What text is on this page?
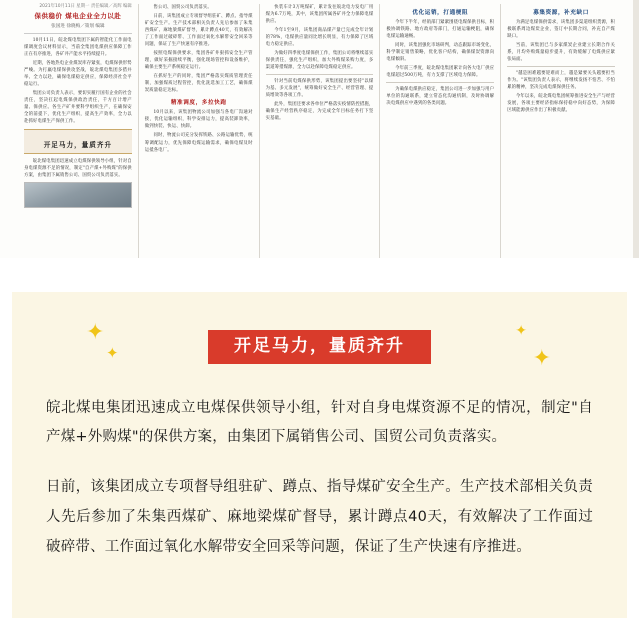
2021年10月11日 星期一 责任编辑／高辉 编辑
保供稳价 煤电企业全力以赴
张国进 徐晓梅／策划 编辑

10月11日，皖北煤电集团下属的智能化工作面电煤调度会议材料显示，当前全集团电煤供应保障工作正在有序推进，各矿井产能水平持续提升。

近期，各地热电企业煤炭库存紧张，电煤保供形势严峻。为打赢电煤保供攻坚战，皖北煤电集团多措并举、全力以赴，确保电煤稳定供应，保障经济社会平稳运行。

集团公司负责人表示，要切实履行国有企业的社会责任，坚决扛起电煤保供政治责任，千方百计增产量、保供应。各生产矿井要科学组织生产，在确保安全的前提下，优化生产组织，提高生产效率，全力以赴抓好电煤生产保供工作。

开足马力，量质齐升

皖北煤电集团迅速成立电煤保供领导小组，针对自身电煤资源不足的情况，制定"自产煤+外购煤"的保供方案，由集团下属销售公司、国贸公司负责落实。

售公司、国贸公司负责落实。

日前，该集团成立专项督导组驻矿、蹲点、指导煤矿安全生产。生产技术部相关负责人先后参加了朱集西煤矿、麻地梁煤矿督导，累计蹲点40天，有效解决了工作面过破碎带、工作面过氧化水解带安全回采等问题，保证了生产快速有序推进。

按照电煤保供要求，集团各矿井狠抓安全生产管理，做好采掘接续平衡，强化现场管控和设备维护，确保主要生产系统稳定运行。

在抓好生产的同时，集团严格落实煤质管理责任制，加强煤质过程管控，优化洗选加工工艺，确保煤炭质量稳定达标。

精准调度，多拉快跑

10月以来，该集团物流公司加强与各电厂沟通对接，优化运输组织，科学安排运力，提高装卸效率，做到快装、快运、快卸。

同时，物流公司充分发挥铁路、公路运输优势，统筹调配运力，优先保障电煤运输需求，确保电煤及时运抵各电厂。

快装车计3万吨煤矿，累计发往皖北电力发电厂用煤为6.7万吨，其中，该集团所属各矿井全力保障电煤供应。

今年1至9月，该集团商品煤产量已完成全年计划的78%，电煤供应量同比增长明显，有力保障了区域电力稳定供应。

为做好四季度电煤保供工作，集团公司将继续落实保供责任，强化生产组织，加大外购煤采购力度，多渠道筹措煤源，全力以赴保障电煤稳定供应。

针对当前电煤保供形势，该集团提出要坚持"以煤为基、多元发展"，统筹做好安全生产、经营管理、提质增效等各项工作。

此外，集团还要求各单位严格落实疫情防控措施，确保生产经营秩序稳定，为完成全年目标任务打下坚实基础。

优化运销，打通梗阻

今年下半年，经销部门紧紧围绕电煤保供目标，积极协调铁路、地方政府等部门，打通运输梗阻，确保电煤运输通畅。

同时，该集团强化市场研判，动态跟踪市场变化，科学制定销售策略，优化客户结构，确保煤炭资源向电煤倾斜。

今年前三季度，皖北煤电集团累计向各大电厂供应电煤超过500万吨，有力支撑了区域电力保障。

为确保电煤供应稳定，集团公司进一步加强与用户单位的沟通联系，建立常态化沟通机制，及时协调解决电煤供应中遇到的各类问题。

募集资源，补充缺口

为满足电煤保供需求，该集团多渠道组织货源，积极联系周边煤炭企业，签订中长期合同，补充自产煤缺口。

当前，该集团已与多家煤炭企业建立长期合作关系，月均外购煤量稳步提升，有效缓解了电煤供应紧张局面。

"越是困难越要迎难而上，越是紧要关头越要担当作为。"该集团负责人表示，将继续发扬不怕苦、不怕累的精神，坚决完成电煤保供任务。

今年以来，皖北煤电集团统筹推进安全生产与经营发展，各项主要经济指标保持稳中向好态势，为保障区域能源供应作出了积极贡献。

✦
✦	✦
✦
开足马力，量质齐升

皖北煤电集团迅速成立电煤保供领导小组，针对自身电煤资源不足的情况，制定"自产煤+外购煤"的保供方案，由集团下属销售公司、国贸公司负责落实。

日前，该集团成立专项督导组驻矿、蹲点、指导煤矿安全生产。生产技术部相关负责人先后参加了朱集西煤矿、麻地梁煤矿督导，累计蹲点40天，有效解决了工作面过破碎带、工作面过氧化水解带安全回采等问题，保证了生产快速有序推进。
